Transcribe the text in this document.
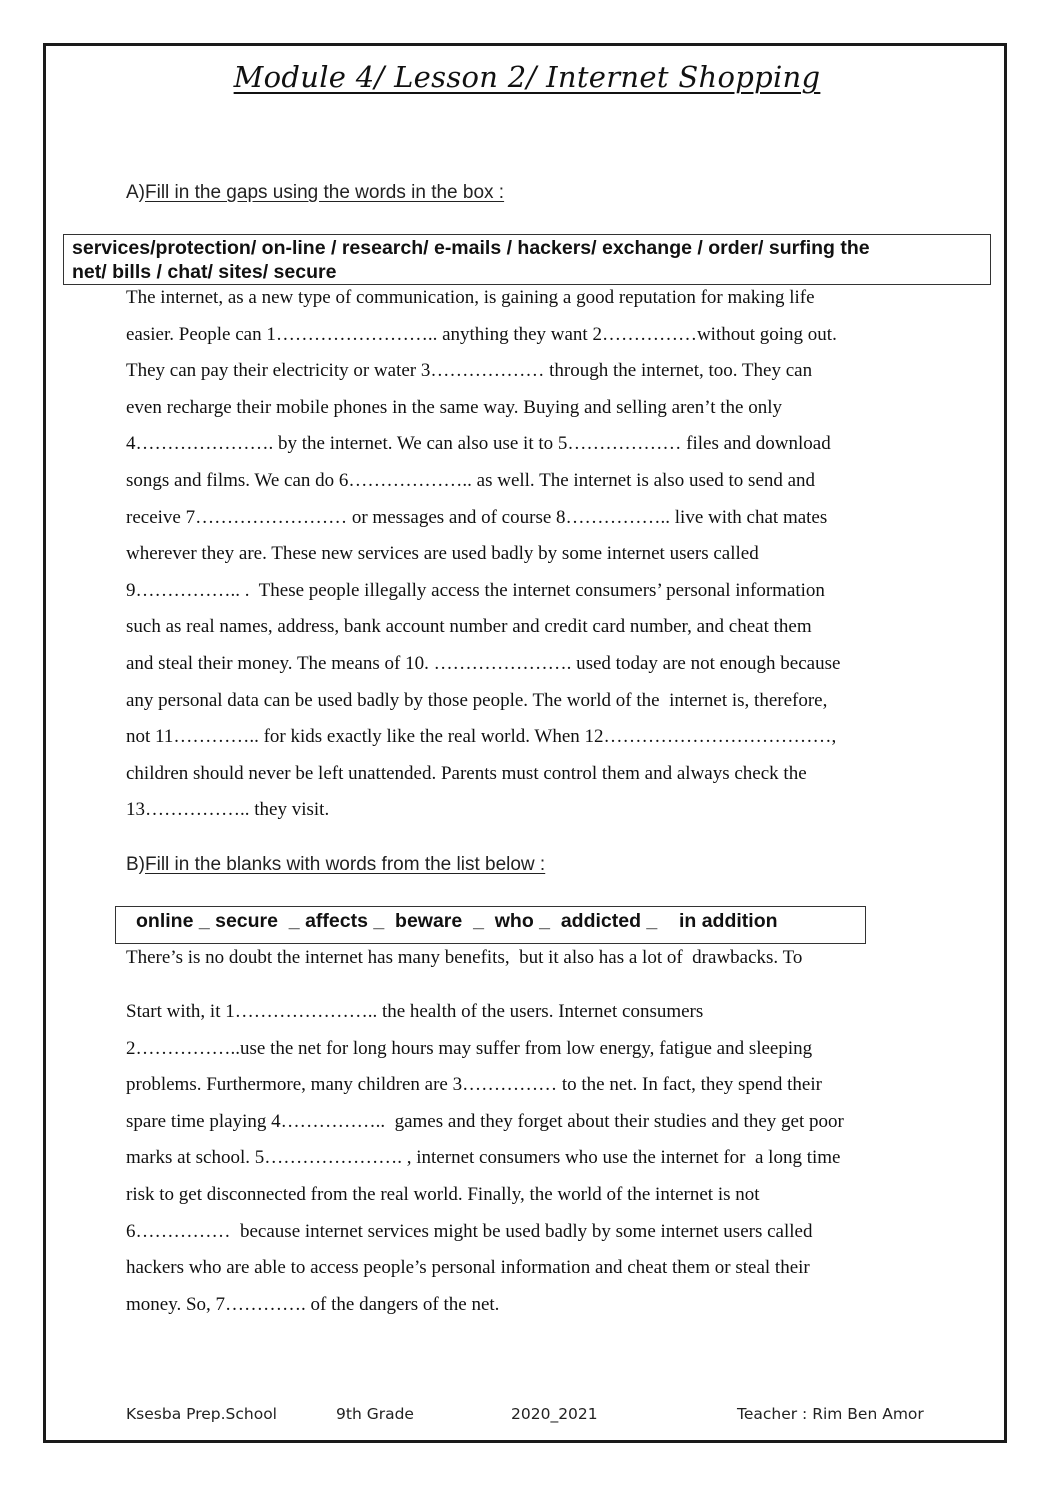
Module 4/ Lesson 2/ Internet Shopping
A)Fill in the gaps using the words in the box :
services/protection/ on-line / research/ e-mails / hackers/ exchange / order/ surfing the
net/ bills / chat/ sites/ secure
The internet, as a new type of communication, is gaining a good reputation for making life
easier. People can 1…………………….. anything they want 2……………without going out.
They can pay their electricity or water 3……………… through the internet, too. They can
even recharge their mobile phones in the same way. Buying and selling aren’t the only
4…………………. by the internet. We can also use it to 5……………… files and download
songs and films. We can do 6……………….. as well. The internet is also used to send and
receive 7…………………… or messages and of course 8…………….. live with chat mates
wherever they are. These new services are used badly by some internet users called
9…………….. .  These people illegally access the internet consumers’ personal information
such as real names, address, bank account number and credit card number, and cheat them
and steal their money. The means of 10. …………………. used today are not enough because
any personal data can be used badly by those people. The world of the  internet is, therefore,
not 11………….. for kids exactly like the real world. When 12………………………………,
children should never be left unattended. Parents must control them and always check the
13…………….. they visit.
B)Fill in the blanks with words from the list below :
online _ secure  _ affects _  beware  _  who _  addicted _    in addition
There’s is no doubt the internet has many benefits,  but it also has a lot of  drawbacks. To
Start with, it 1………………….. the health of the users. Internet consumers
2……………..use the net for long hours may suffer from low energy, fatigue and sleeping
problems. Furthermore, many children are 3…………… to the net. In fact, they spend their
spare time playing 4……………..  games and they forget about their studies and they get poor
marks at school. 5…………………. , internet consumers who use the internet for  a long time
risk to get disconnected from the real world. Finally, the world of the internet is not
6……………  because internet services might be used badly by some internet users called
hackers who are able to access people’s personal information and cheat them or steal their
money. So, 7…………. of the dangers of the net.
Ksesba Prep.School	9th Grade	2020_2021	Teacher : Rim Ben Amor
